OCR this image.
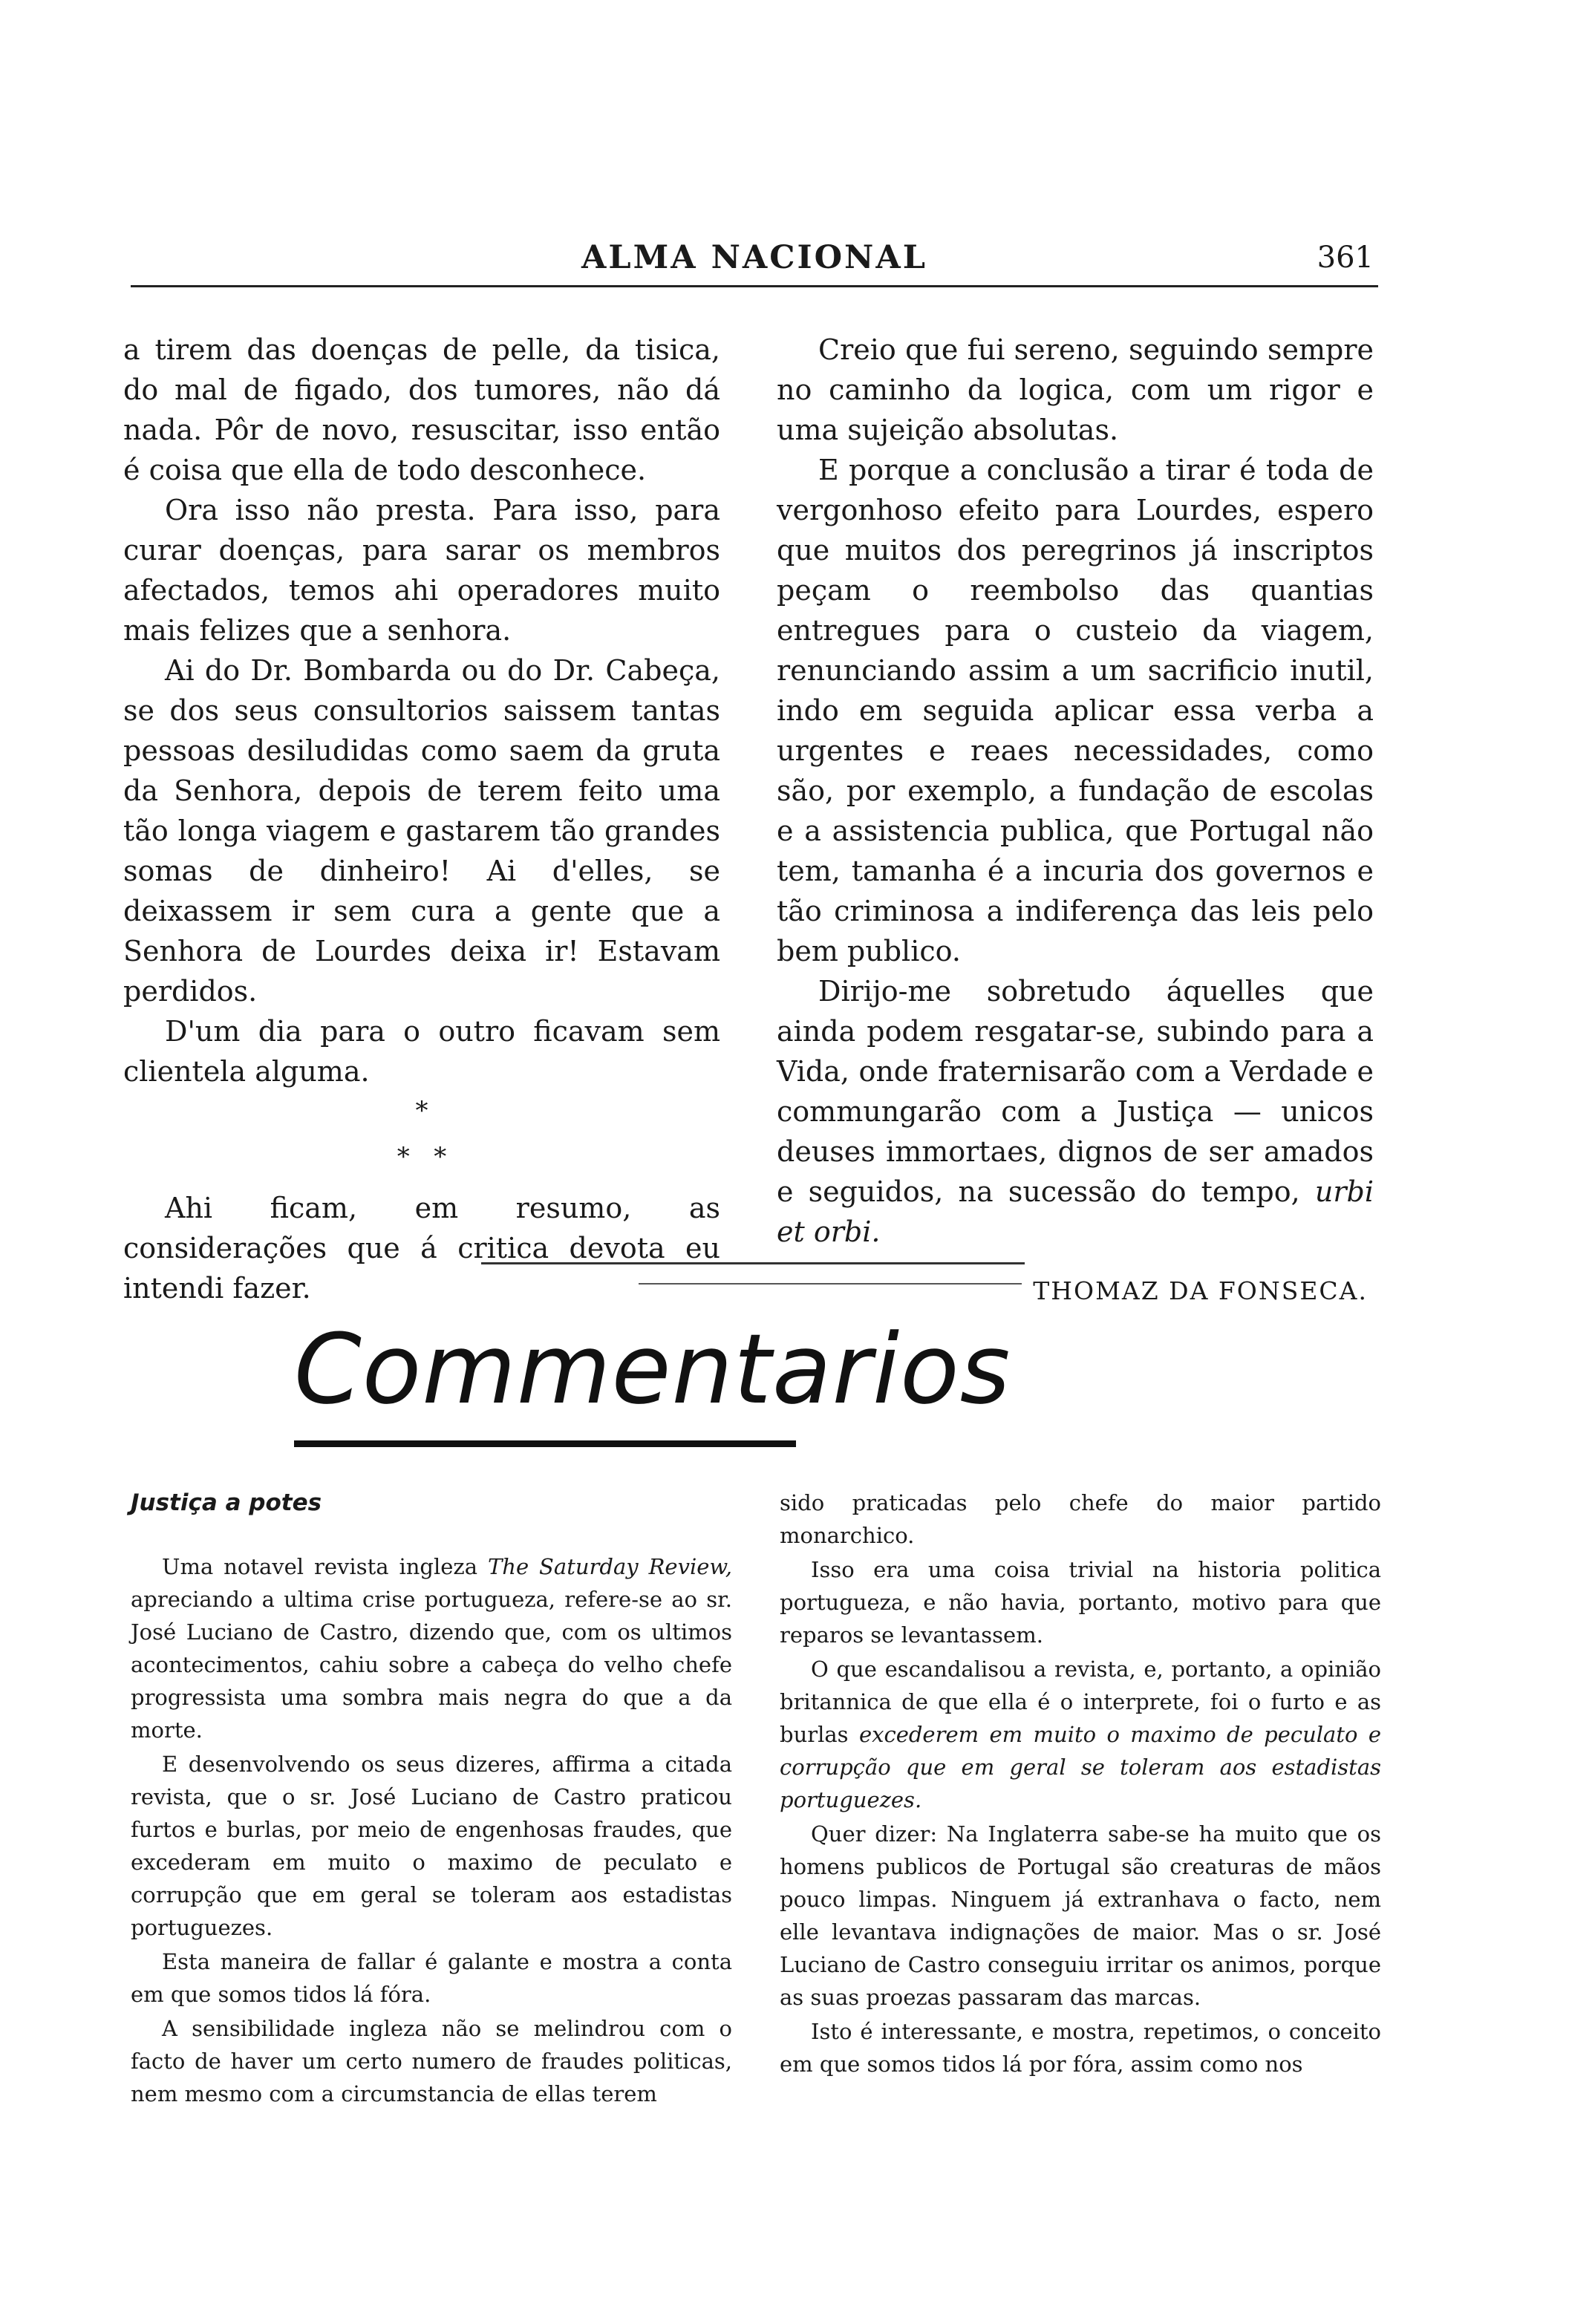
ALMA NACIONAL	361

a tirem das doenças de pelle, da tisica, do mal de figado, dos tumores, não dá nada. Pôr de novo, resuscitar, isso então é coisa que ella de todo desconhece.

Ora isso não presta. Para isso, para curar doenças, para sarar os membros afectados, temos ahi operadores muito mais felizes que a senhora.

Ai do Dr. Bombarda ou do Dr. Cabeça, se dos seus consultorios saissem tantas pessoas desiludidas como saem da gruta da Senhora, depois de terem feito uma tão longa viagem e gastarem tão grandes somas de dinheiro! Ai d'elles, se deixassem ir sem cura a gente que a Senhora de Lourdes deixa ir! Estavam perdidos.

D'um dia para o outro ficavam sem clientela alguma.

*
*   *

Ahi ficam, em resumo, as considerações que á critica devota eu intendi fazer.

Creio que fui sereno, seguindo sempre no caminho da logica, com um rigor e uma sujeição absolutas.

E porque a conclusão a tirar é toda de vergonhoso efeito para Lourdes, espero que muitos dos peregrinos já inscriptos peçam o reembolso das quantias entregues para o custeio da viagem, renunciando assim a um sacrificio inutil, indo em seguida aplicar essa verba a urgentes e reaes necessidades, como são, por exemplo, a fundação de escolas e a assistencia publica, que Portugal não tem, tamanha é a incuria dos governos e tão criminosa a indiferença das leis pelo bem publico.

Dirijo-me sobretudo áquelles que ainda podem resgatar-se, subindo para a Vida, onde fraternisarão com a Verdade e commungarão com a Justiça — unicos deuses immortaes, dignos de ser amados e seguidos, na sucessão do tempo, urbi et orbi.

THOMAZ DA FONSECA.

Commentarios

Justiça a potes

Uma notavel revista ingleza The Saturday Review, apreciando a ultima crise portugueza, refere-se ao sr. José Luciano de Castro, dizendo que, com os ultimos acontecimentos, cahiu sobre a cabeça do velho chefe progressista uma sombra mais negra do que a da morte.

E desenvolvendo os seus dizeres, affirma a citada revista, que o sr. José Luciano de Castro praticou furtos e burlas, por meio de engenhosas fraudes, que excederam em muito o maximo de peculato e corrupção que em geral se toleram aos estadistas portuguezes.

Esta maneira de fallar é galante e mostra a conta em que somos tidos lá fóra.

A sensibilidade ingleza não se melindrou com o facto de haver um certo numero de fraudes politicas, nem mesmo com a circumstancia de ellas terem

sido praticadas pelo chefe do maior partido monarchico.

Isso era uma coisa trivial na historia politica portugueza, e não havia, portanto, motivo para que reparos se levantassem.

O que escandalisou a revista, e, portanto, a opinião britannica de que ella é o interprete, foi o furto e as burlas excederem em muito o maximo de peculato e corrupção que em geral se toleram aos estadistas portuguezes.

Quer dizer: Na Inglaterra sabe-se ha muito que os homens publicos de Portugal são creaturas de mãos pouco limpas. Ninguem já extranhava o facto, nem elle levantava indignações de maior. Mas o sr. José Luciano de Castro conseguiu irritar os animos, porque as suas proezas passaram das marcas.

Isto é interessante, e mostra, repetimos, o conceito em que somos tidos lá por fóra, assim como nos
